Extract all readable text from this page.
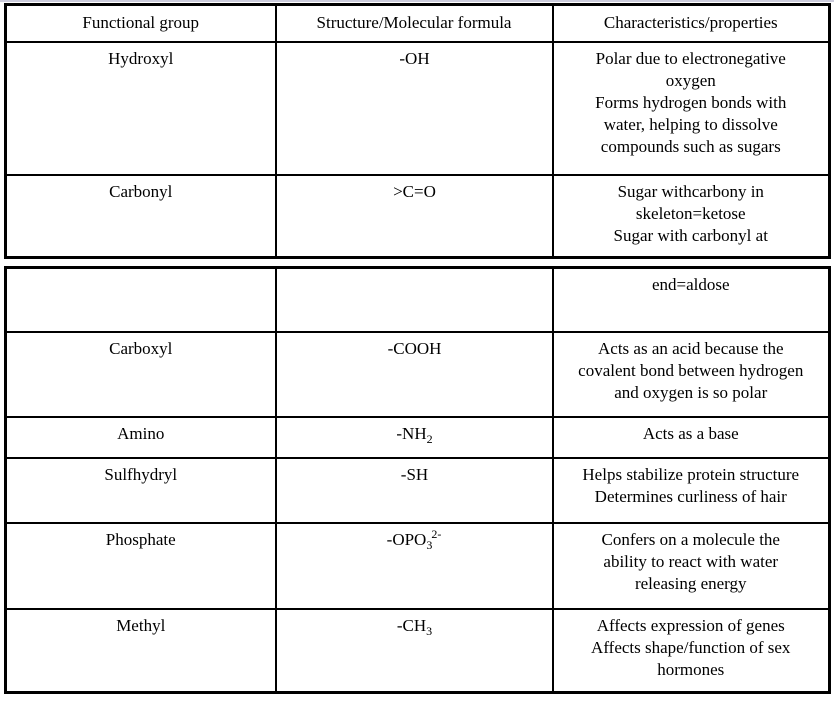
Functional group	Structure/Molecular formula	Characteristics/properties
Hydroxyl	-OH	Polar due to electronegative
oxygen
Forms hydrogen bonds with
water, helping to dissolve
compounds such as sugars

Carbonyl	>C=O	Sugar withcarbony in
skeleton=ketose
Sugar with carbonyl at

		end=aldose

Carboxyl	-COOH	Acts as an acid because the
covalent bond between hydrogen
and oxygen is so polar

Amino	$-NH_2$	Acts as a base

Sulfhydryl	-SH	Helps stabilize protein structure
Determines curliness of hair

Phosphate	$-OPO_3^{2-}$	Confers on a molecule the
ability to react with water
releasing energy

Methyl	$-CH_3$	Affects expression of genes
Affects shape/function of sex
hormones
